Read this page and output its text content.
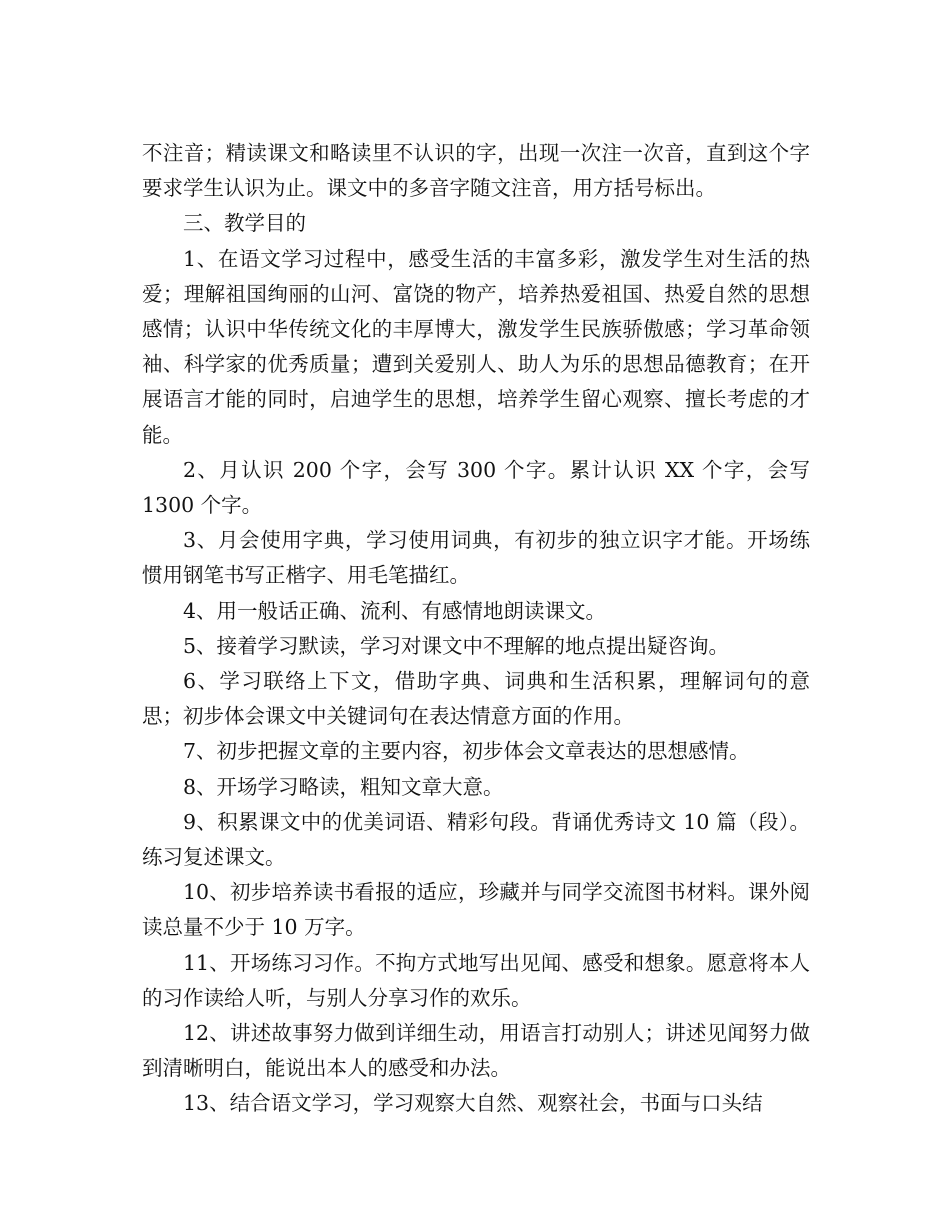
不注音；精读课文和略读里不认识的字，出现一次注一次音，直到这个字要求学生认识为止。课文中的多音字随文注音，用方括号标出。

三、教学目的

1、在语文学习过程中，感受生活的丰富多彩，激发学生对生活的热爱；理解祖国绚丽的山河、富饶的物产，培养热爱祖国、热爱自然的思想感情；认识中华传统文化的丰厚博大，激发学生民族骄傲感；学习革命领袖、科学家的优秀质量；遭到关爱别人、助人为乐的思想品德教育；在开展语言才能的同时，启迪学生的思想，培养学生留心观察、擅长考虑的才能。

2、月认识 200 个字，会写 300 个字。累计认识 XX 个字，会写 1300 个字。

3、月会使用字典，学习使用词典，有初步的独立识字才能。开场练惯用钢笔书写正楷字、用毛笔描红。

4、用一般话正确、流利、有感情地朗读课文。

5、接着学习默读，学习对课文中不理解的地点提出疑咨询。

6、学习联络上下文，借助字典、词典和生活积累，理解词句的意思；初步体会课文中关键词句在表达情意方面的作用。

7、初步把握文章的主要内容，初步体会文章表达的思想感情。

8、开场学习略读，粗知文章大意。

9、积累课文中的优美词语、精彩句段。背诵优秀诗文 10 篇（段）。练习复述课文。

10、初步培养读书看报的适应，珍藏并与同学交流图书材料。课外阅读总量不少于 10 万字。

11、开场练习习作。不拘方式地写出见闻、感受和想象。愿意将本人的习作读给人听，与别人分享习作的欢乐。

12、讲述故事努力做到详细生动，用语言打动别人；讲述见闻努力做到清晰明白，能说出本人的感受和办法。

13、结合语文学习，学习观察大自然、观察社会，书面与口头结
